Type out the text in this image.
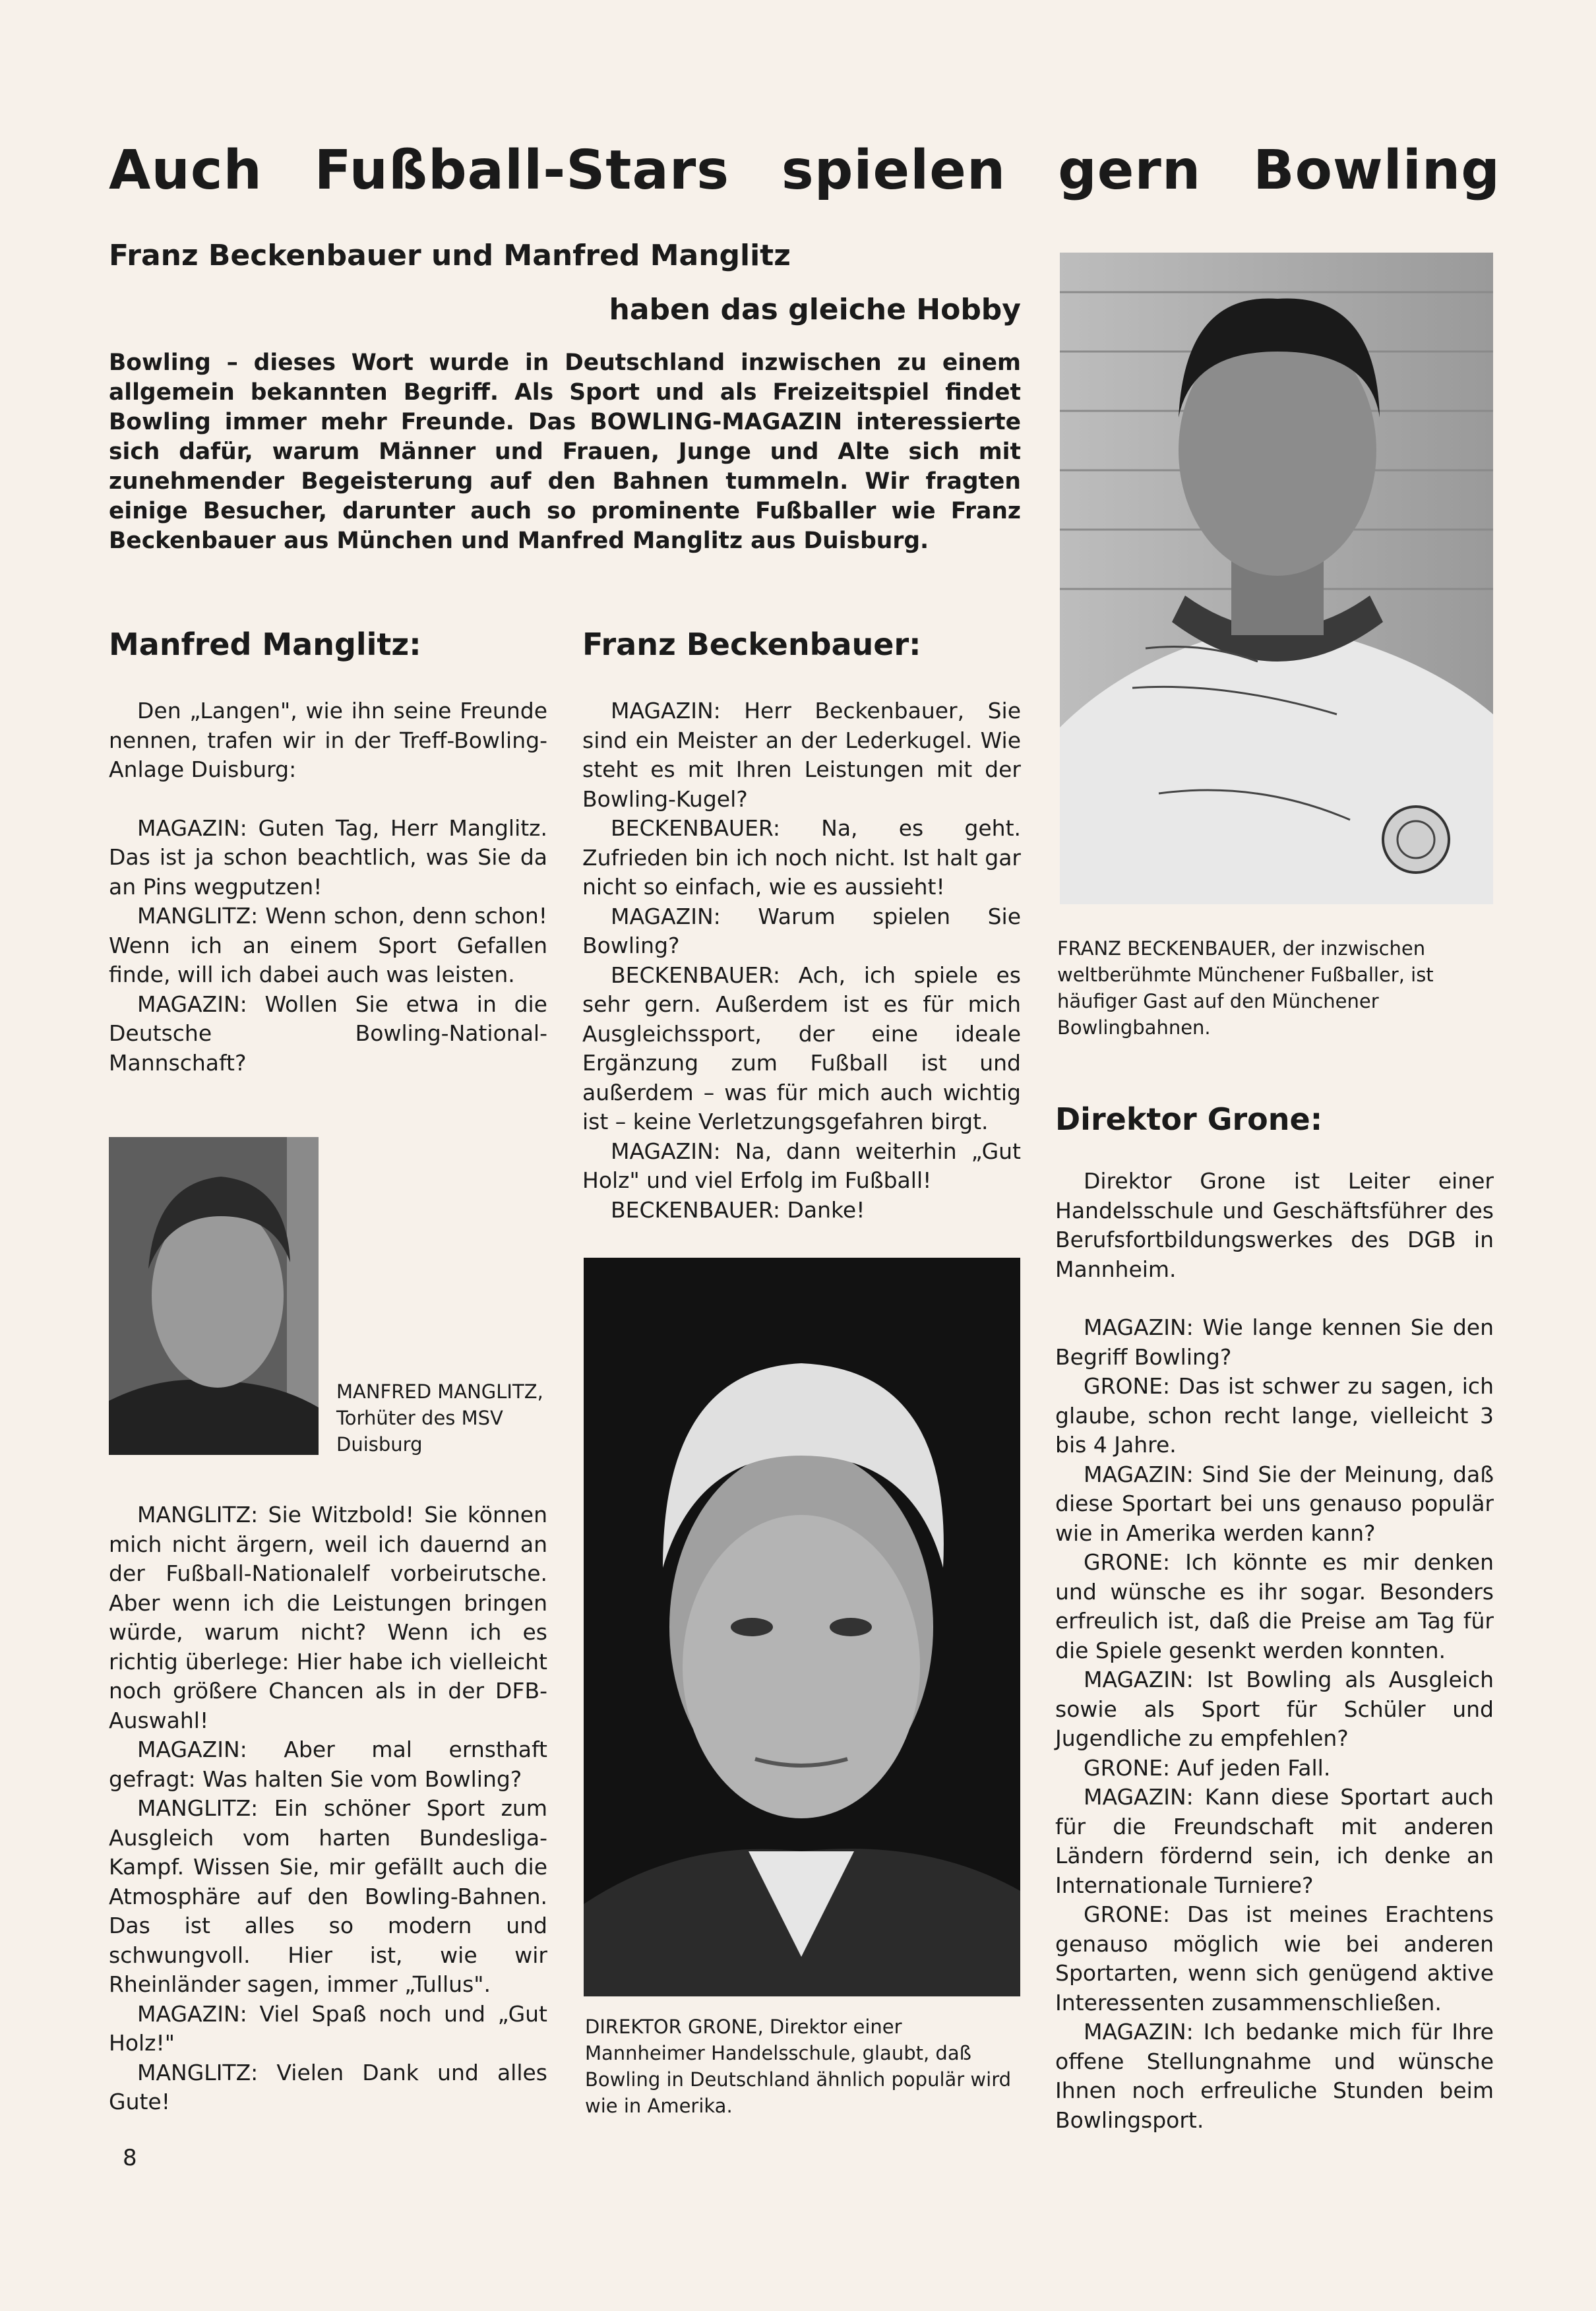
Auch Fußball-Stars spielen gern Bowling
Franz Beckenbauer und Manfred Manglitz
haben das gleiche Hobby
Bowling – dieses Wort wurde in Deutschland inzwischen zu einem allgemein bekannten Begriff. Als Sport und als Freizeitspiel findet Bowling immer mehr Freunde. Das BOWLING-MAGAZIN interessierte sich dafür, warum Männer und Frauen, Junge und Alte sich mit zunehmender Begeisterung auf den Bahnen tummeln. Wir fragten einige Besucher, darunter auch so prominente Fußballer wie Franz Beckenbauer aus München und Manfred Manglitz aus Duisburg.
FRANZ BECKENBAUER, der inzwischen weltberühmte Münchener Fußballer, ist häufiger Gast auf den Münchener Bowlingbahnen.
Manfred Manglitz:

Den „Langen", wie ihn seine Freunde nennen, trafen wir in der Treff-Bowling-Anlage Duisburg:

MAGAZIN: Guten Tag, Herr Manglitz. Das ist ja schon beachtlich, was Sie da an Pins wegputzen!

MANGLITZ: Wenn schon, denn schon! Wenn ich an einem Sport Gefallen finde, will ich dabei auch was leisten.

MAGAZIN: Wollen Sie etwa in die Deutsche Bowling-National-Mannschaft?

MANFRED MANGLITZ, Torhüter des MSV Duisburg

MANGLITZ: Sie Witzbold! Sie können mich nicht ärgern, weil ich dauernd an der Fußball-Nationalelf vorbeirutsche. Aber wenn ich die Leistungen bringen würde, warum nicht? Wenn ich es richtig überlege: Hier habe ich vielleicht noch größere Chancen als in der DFB-Auswahl!

MAGAZIN: Aber mal ernsthaft gefragt: Was halten Sie vom Bowling?

MANGLITZ: Ein schöner Sport zum Ausgleich vom harten Bundesliga-Kampf. Wissen Sie, mir gefällt auch die Atmosphäre auf den Bowling-Bahnen. Das ist alles so modern und schwungvoll. Hier ist, wie wir Rheinländer sagen, immer „Tullus".

MAGAZIN: Viel Spaß noch und „Gut Holz!"

MANGLITZ: Vielen Dank und alles Gute!

Franz Beckenbauer:

MAGAZIN: Herr Beckenbauer, Sie sind ein Meister an der Lederkugel. Wie steht es mit Ihren Leistungen mit der Bowling-Kugel?

BECKENBAUER: Na, es geht. Zufrieden bin ich noch nicht. Ist halt gar nicht so einfach, wie es aussieht!

MAGAZIN: Warum spielen Sie Bowling?

BECKENBAUER: Ach, ich spiele es sehr gern. Außerdem ist es für mich Ausgleichssport, der eine ideale Ergänzung zum Fußball ist und außerdem – was für mich auch wichtig ist – keine Verletzungsgefahren birgt.

MAGAZIN: Na, dann weiterhin „Gut Holz" und viel Erfolg im Fußball!

BECKENBAUER: Danke!

DIREKTOR GRONE, Direktor einer Mannheimer Handelsschule, glaubt, daß Bowling in Deutschland ähnlich populär wird wie in Amerika.
Direktor Grone:

Direktor Grone ist Leiter einer Handelsschule und Geschäftsführer des Berufsfortbildungswerkes des DGB in Mannheim.

MAGAZIN: Wie lange kennen Sie den Begriff Bowling?

GRONE: Das ist schwer zu sagen, ich glaube, schon recht lange, vielleicht 3 bis 4 Jahre.

MAGAZIN: Sind Sie der Meinung, daß diese Sportart bei uns genauso populär wie in Amerika werden kann?

GRONE: Ich könnte es mir denken und wünsche es ihr sogar. Besonders erfreulich ist, daß die Preise am Tag für die Spiele gesenkt werden konnten.

MAGAZIN: Ist Bowling als Ausgleich sowie als Sport für Schüler und Jugendliche zu empfehlen?

GRONE: Auf jeden Fall.

MAGAZIN: Kann diese Sportart auch für die Freundschaft mit anderen Ländern fördernd sein, ich denke an Internationale Turniere?

GRONE: Das ist meines Erachtens genauso möglich wie bei anderen Sportarten, wenn sich genügend aktive Interessenten zusammenschließen.

MAGAZIN: Ich bedanke mich für Ihre offene Stellungnahme und wünsche Ihnen noch erfreuliche Stunden beim Bowlingsport.

8
